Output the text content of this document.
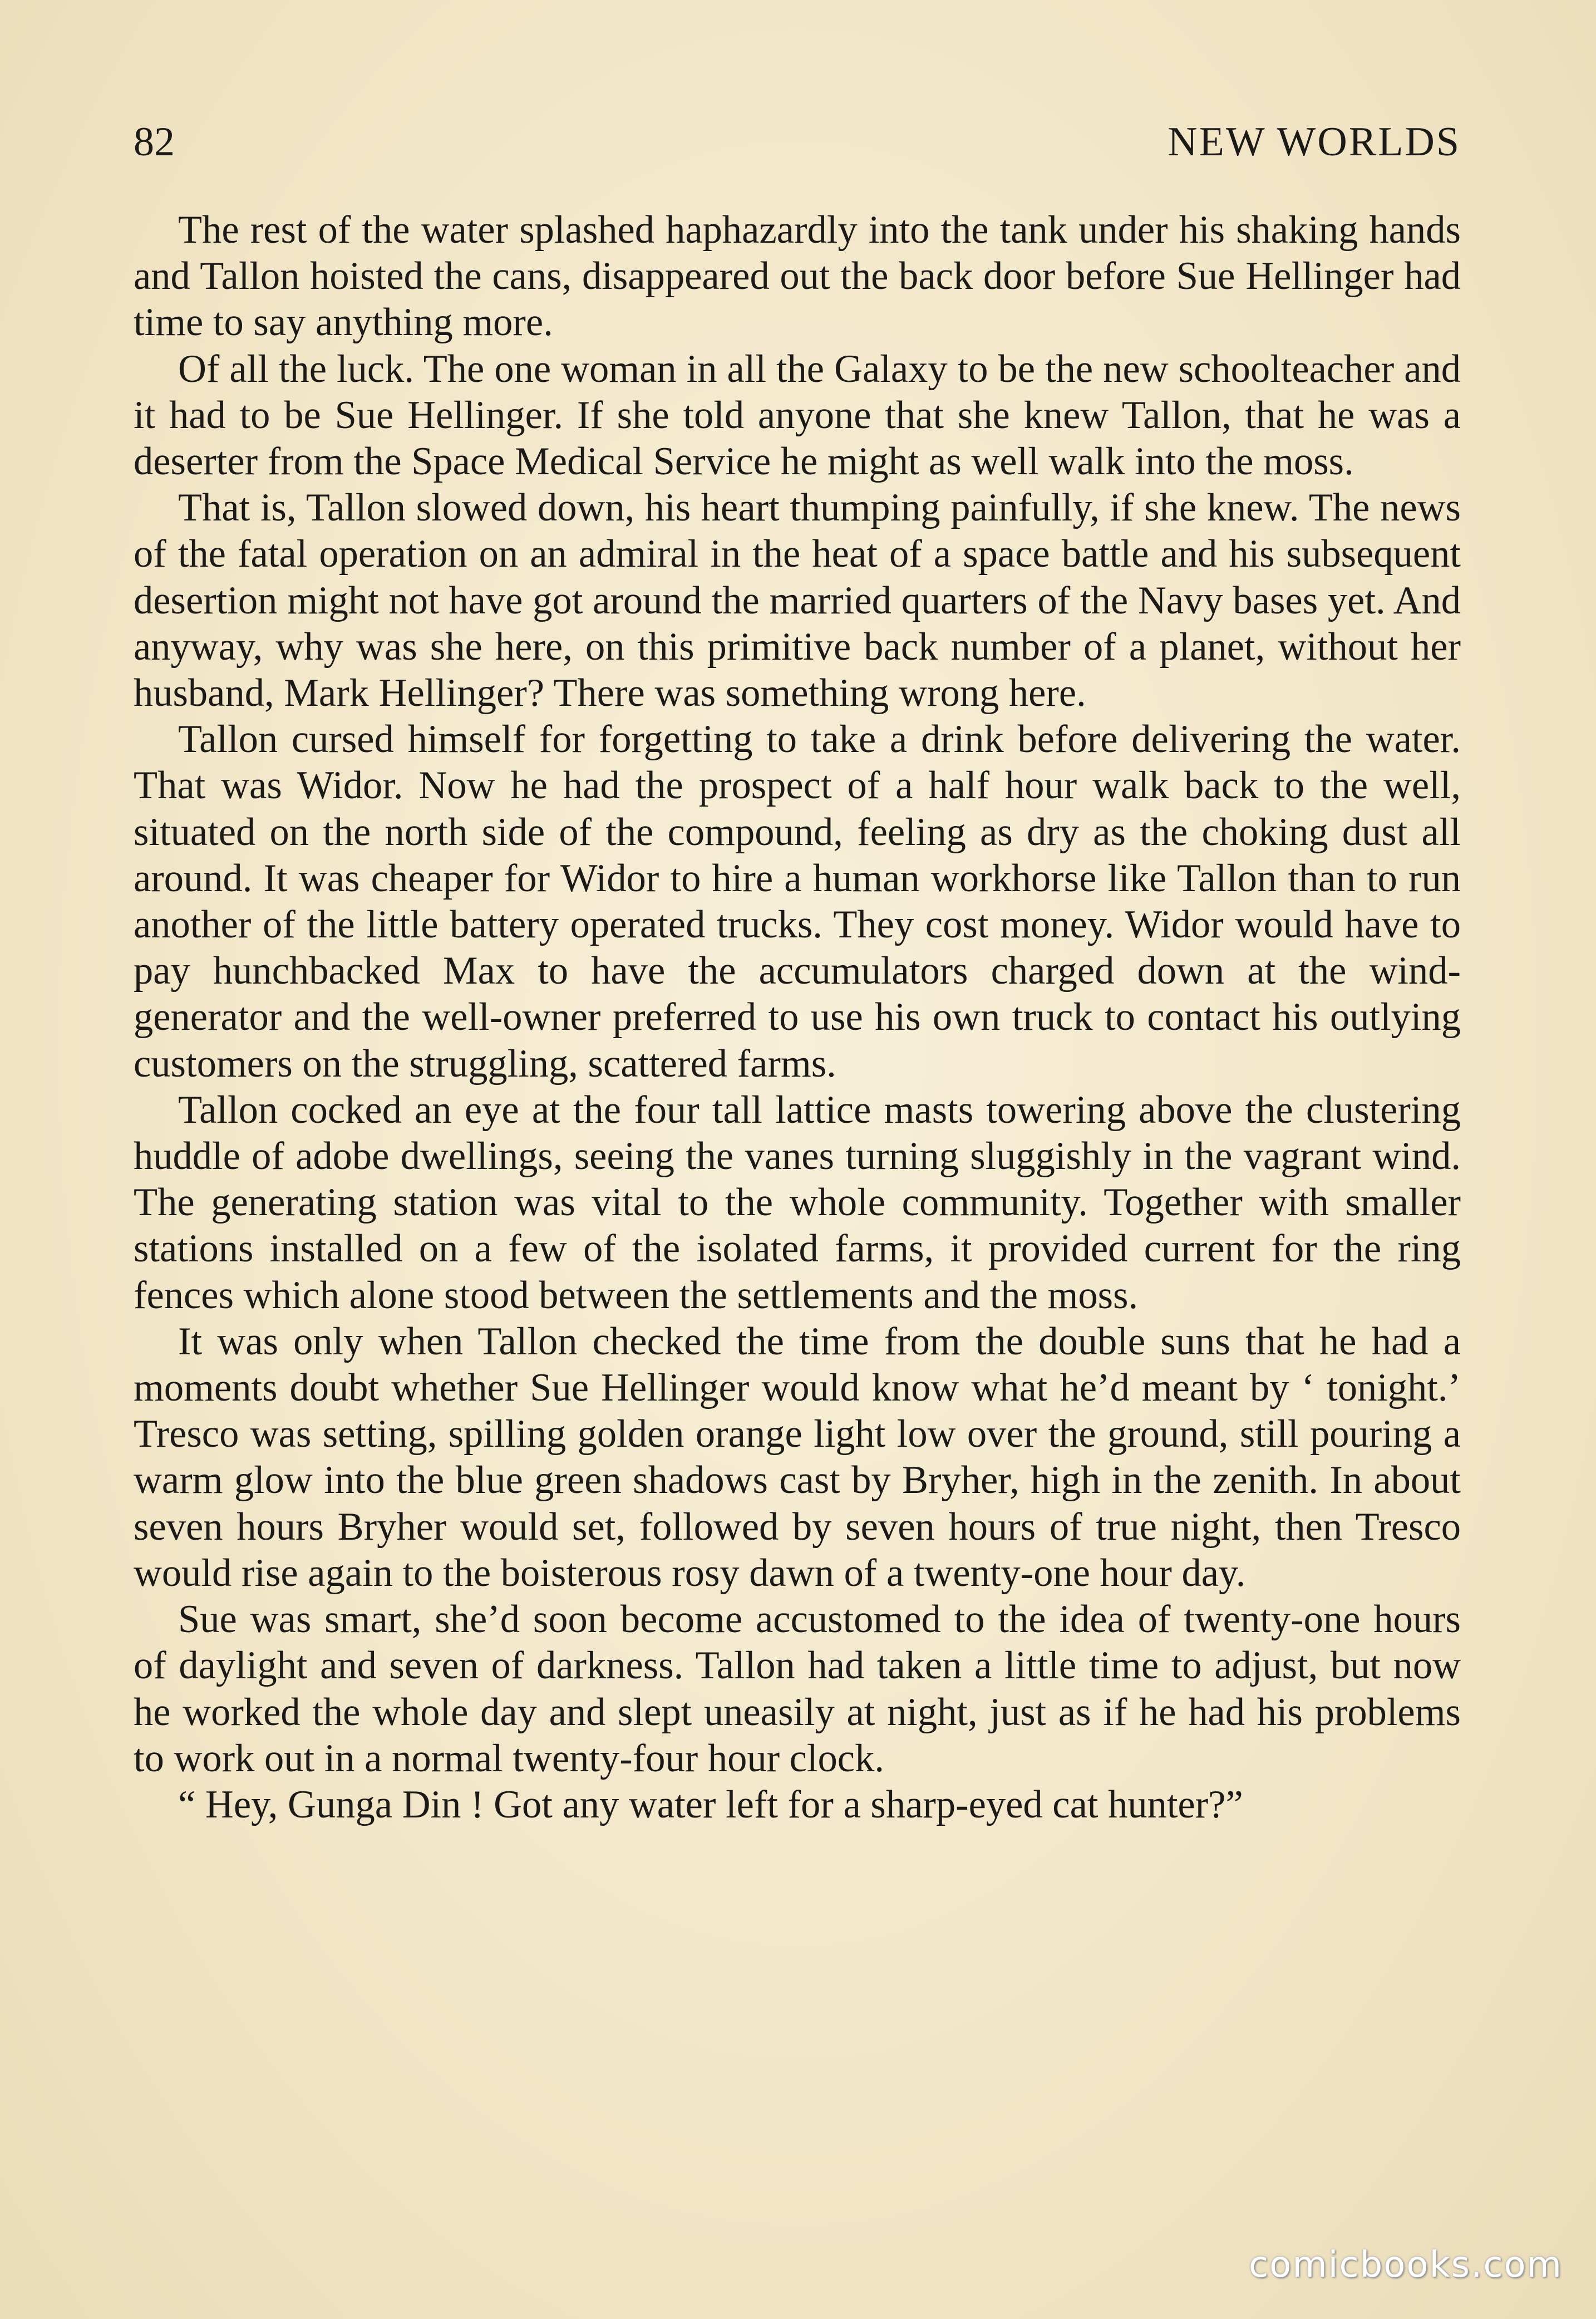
82	NEW WORLDS

The rest of the water splashed haphazardly into the tank under his shaking hands and Tallon hoisted the cans, disappeared out the back door before Sue Hellinger had time to say anything more.

Of all the luck. The one woman in all the Galaxy to be the new schoolteacher and it had to be Sue Hellinger. If she told anyone that she knew Tallon, that he was a deserter from the Space Medical Service he might as well walk into the moss.

That is, Tallon slowed down, his heart thumping painfully, if she knew. The news of the fatal operation on an admiral in the heat of a space battle and his subsequent desertion might not have got around the married quarters of the Navy bases yet. And anyway, why was she here, on this primitive back number of a planet, without her husband, Mark Hellinger? There was something wrong here.

Tallon cursed himself for forgetting to take a drink before delivering the water. That was Widor. Now he had the prospect of a half hour walk back to the well, situated on the north side of the compound, feeling as dry as the choking dust all around. It was cheaper for Widor to hire a human workhorse like Tallon than to run another of the little battery operated trucks. They cost money. Widor would have to pay hunchbacked Max to have the accumulators charged down at the wind-generator and the well-owner preferred to use his own truck to contact his outlying customers on the struggling, scattered farms.

Tallon cocked an eye at the four tall lattice masts towering above the clustering huddle of adobe dwellings, seeing the vanes turning sluggishly in the vagrant wind. The generating station was vital to the whole community. Together with smaller stations installed on a few of the isolated farms, it provided current for the ring fences which alone stood between the settlements and the moss.

It was only when Tallon checked the time from the double suns that he had a moments doubt whether Sue Hellinger would know what he’d meant by ‘ tonight.’ Tresco was setting, spilling golden orange light low over the ground, still pouring a warm glow into the blue green shadows cast by Bryher, high in the zenith. In about seven hours Bryher would set, followed by seven hours of true night, then Tresco would rise again to the boisterous rosy dawn of a twenty-one hour day.

Sue was smart, she’d soon become accustomed to the idea of twenty-one hours of daylight and seven of darkness. Tallon had taken a little time to adjust, but now he worked the whole day and slept uneasily at night, just as if he had his problems to work out in a normal twenty-four hour clock.

“ Hey, Gunga Din ! Got any water left for a sharp-eyed cat hunter?”

comicbooks.com
